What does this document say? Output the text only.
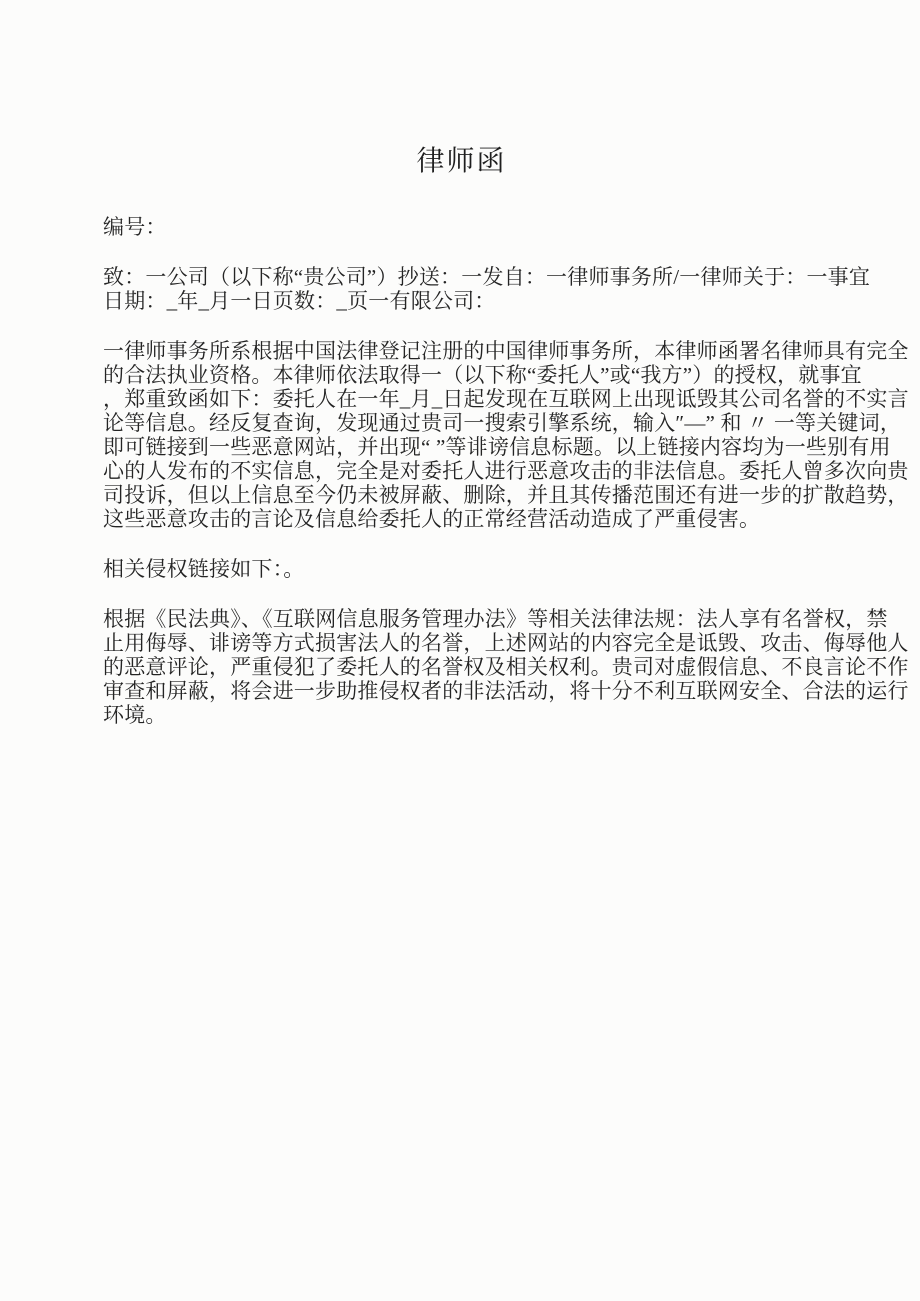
律师函
编号：
致：一公司（以下称“贵公司”）抄送：一发自：一律师事务所/一律师关于：一事宜
日期：_年_月一日页数：_页一有限公司：
一律师事务所系根据中国法律登记注册的中国律师事务所，本律师函署名律师具有完全
的合法执业资格。本律师依法取得一（以下称“委托人”或“我方”）的授权，就事宜
，郑重致函如下：委托人在一年_月_日起发现在互联网上出现诋毁其公司名誉的不实言
论等信息。经反复查询，发现通过贵司一搜索引擎系统，输入″—” 和 〃 一等关键词，
即可链接到一些恶意网站，并出现“ ”等诽谤信息标题。以上链接内容均为一些别有用
心的人发布的不实信息，完全是对委托人进行恶意攻击的非法信息。委托人曾多次向贵
司投诉，但以上信息至今仍未被屏蔽、删除，并且其传播范围还有进一步的扩散趋势，
这些恶意攻击的言论及信息给委托人的正常经营活动造成了严重侵害。
相关侵权链接如下：。
根据《民法典》、《互联网信息服务管理办法》等相关法律法规：法人享有名誉权，禁
止用侮辱、诽谤等方式损害法人的名誉，上述网站的内容完全是诋毁、攻击、侮辱他人
的恶意评论，严重侵犯了委托人的名誉权及相关权利。贵司对虚假信息、不良言论不作
审查和屏蔽，将会进一步助推侵权者的非法活动，将十分不利互联网安全、合法的运行
环境。
